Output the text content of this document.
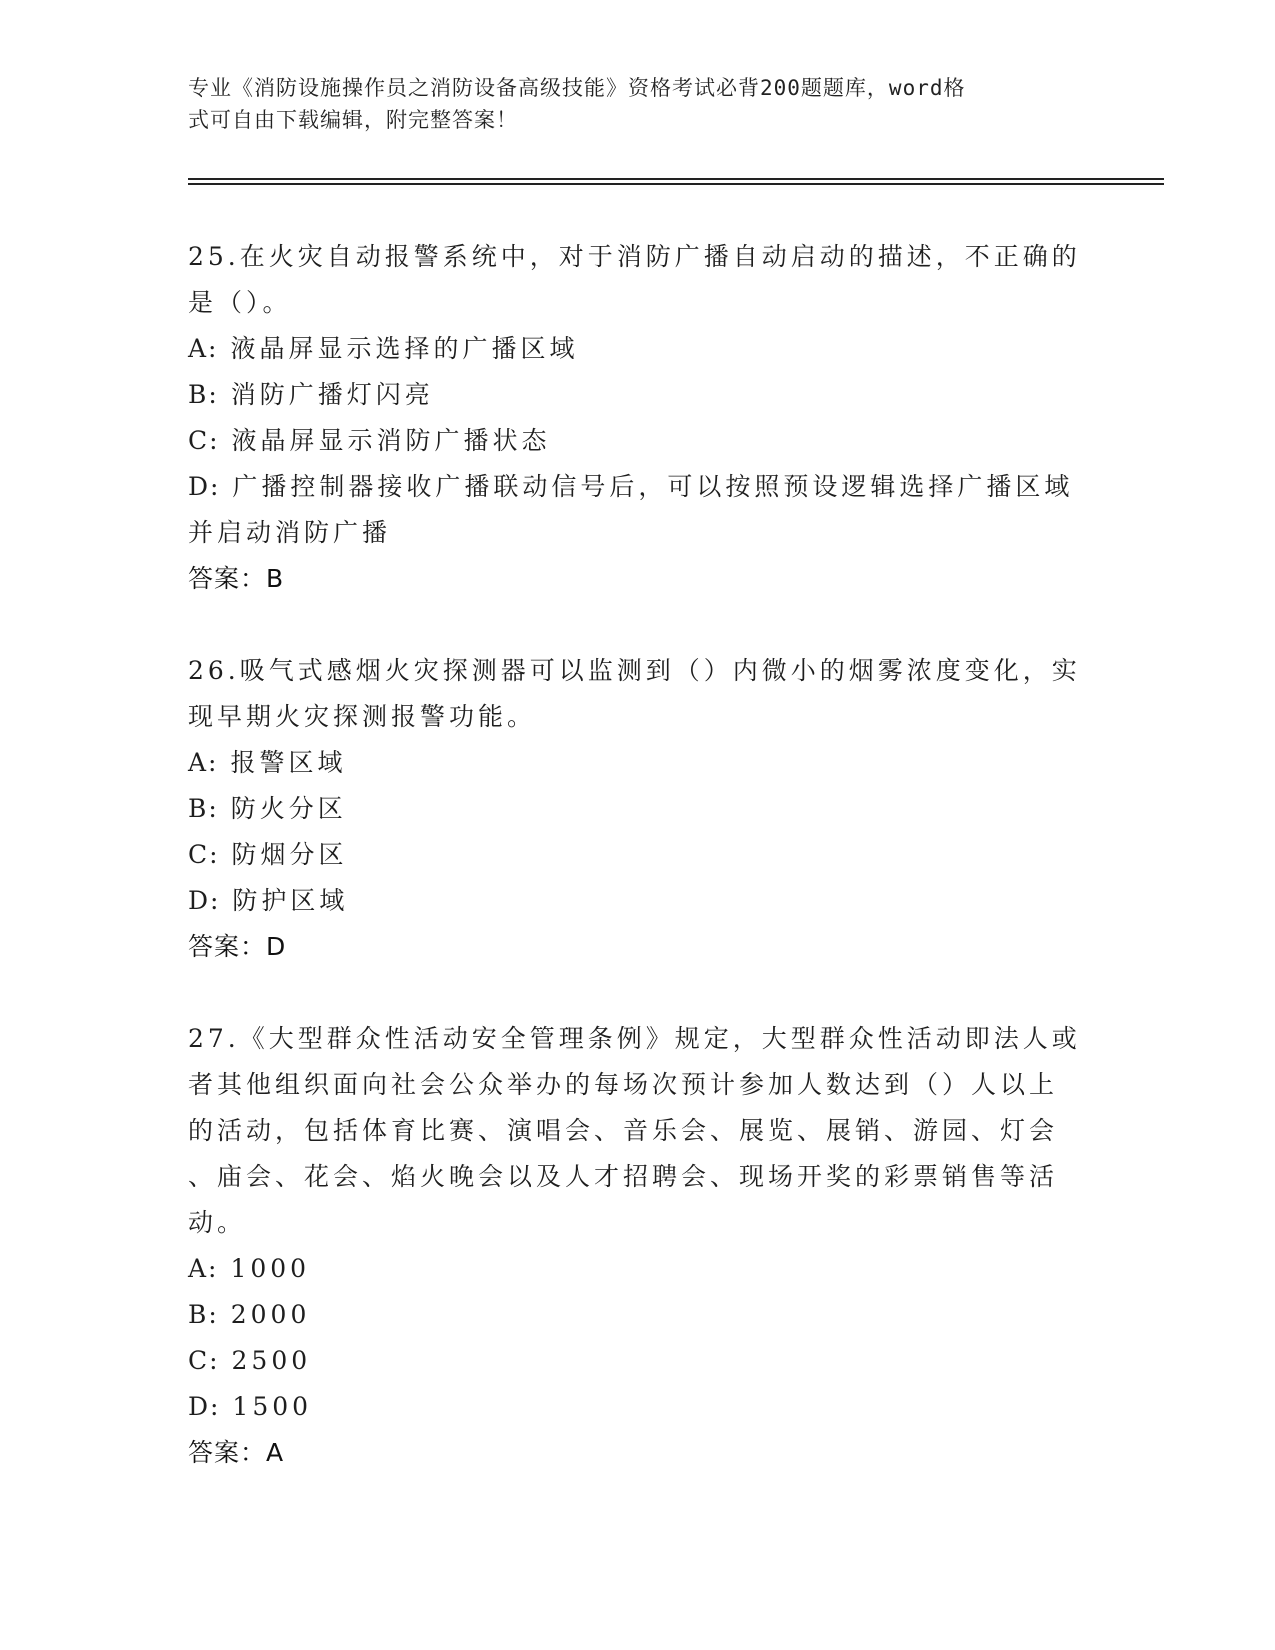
专业《消防设施操作员之消防设备高级技能》资格考试必背200题题库，word格
式可自由下载编辑，附完整答案！
25.在火灾自动报警系统中，对于消防广播自动启动的描述，不正确的
是（）。
A: 液晶屏显示选择的广播区域
B: 消防广播灯闪亮
C: 液晶屏显示消防广播状态
D: 广播控制器接收广播联动信号后，可以按照预设逻辑选择广播区域
并启动消防广播
答案：B
26.吸气式感烟火灾探测器可以监测到（）内微小的烟雾浓度变化，实
现早期火灾探测报警功能。
A: 报警区域
B: 防火分区
C: 防烟分区
D: 防护区域
答案：D
27.《大型群众性活动安全管理条例》规定，大型群众性活动即法人或
者其他组织面向社会公众举办的每场次预计参加人数达到（）人以上
的活动，包括体育比赛、演唱会、音乐会、展览、展销、游园、灯会
、庙会、花会、焰火晚会以及人才招聘会、现场开奖的彩票销售等活
动。
A: 1000
B: 2000
C: 2500
D: 1500
答案：A
